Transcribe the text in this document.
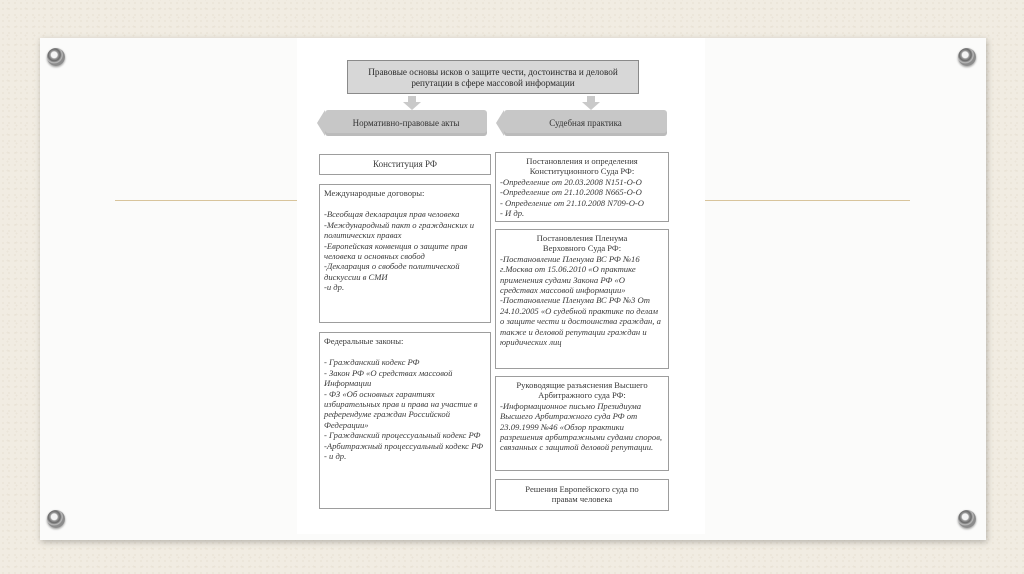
Правовые основы исков о защите чести, достоинства и деловой репутации в сфере массовой информации
Нормативно-правовые акты	Судебная практика
Конституция РФ
Международные договоры:
-Всеобщая декларация прав человека
-Международный пакт о гражданских и политических правах
-Европейская конвенция о защите прав человека и основных свобод
-Декларация о свободе политической дискуссии в СМИ
-и др.
Федеральные законы:
- Гражданский кодекс РФ
- Закон РФ «О средствах массовой Информации
- ФЗ «Об основных гарантиях избирательных прав и права на участие в референдуме граждан Российской Федерации»
- Гражданский процессуальный кодекс РФ
-Арбитражный процессуальный кодекс РФ
- и др.
Постановления и определения Конституционного Суда РФ:
-Определение от 20.03.2008 N151-О-О
-Определение от 21.10.2008 N665-О-О
- Определение от 21.10.2008 N709-О-О
- И др.
Постановления Пленума Верховного Суда РФ:
-Постановление Пленума ВС РФ №16 г.Москва от 15.06.2010 «О практике применения судами Закона РФ «О средствах массовой информации»
-Постановление Пленума ВС РФ №3 От 24.10.2005 «О судебной практике по делам о защите чести и достоинства граждан, а также и деловой репутации граждан и юридических лиц
Руководящие разъяснения Высшего Арбитражного суда РФ:
-Информационное письмо Президиума Высшего Арбитражного суда РФ от 23.09.1999 №46 «Обзор практики разрешения арбитражными судами споров, связанных с защитой деловой репутации.
Решения Европейского суда по правам человека
